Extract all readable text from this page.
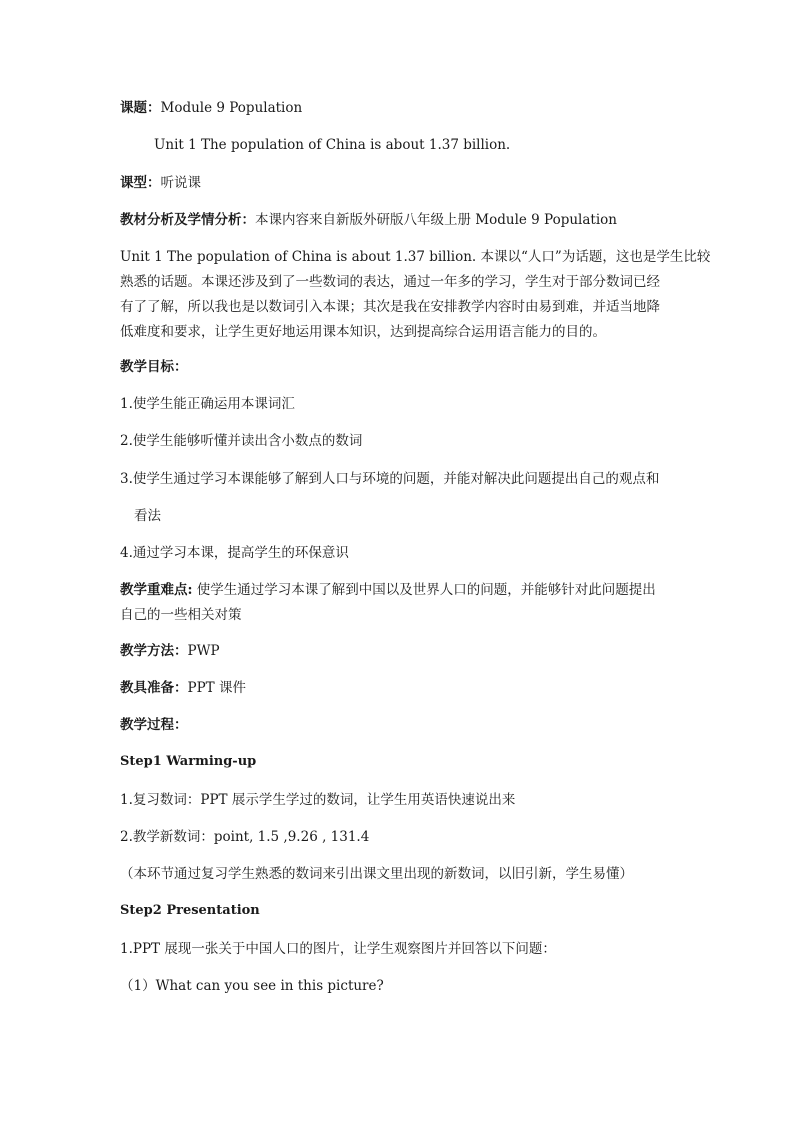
课题：Module 9 Population
Unit 1 The population of China is about 1.37 billion.
课型：听说课
教材分析及学情分析：本课内容来自新版外研版八年级上册 Module 9 Population
Unit 1 The population of China is about 1.37 billion. 本课以“人口”为话题，这也是学生比较
熟悉的话题。本课还涉及到了一些数词的表达，通过一年多的学习，学生对于部分数词已经
有了了解，所以我也是以数词引入本课；其次是我在安排教学内容时由易到难，并适当地降
低难度和要求，让学生更好地运用课本知识，达到提高综合运用语言能力的目的。
教学目标：
1.使学生能正确运用本课词汇
2.使学生能够听懂并读出含小数点的数词
3.使学生通过学习本课能够了解到人口与环境的问题，并能对解决此问题提出自己的观点和
看法
4.通过学习本课，提高学生的环保意识
教学重难点: 使学生通过学习本课了解到中国以及世界人口的问题，并能够针对此问题提出
自己的一些相关对策
教学方法：PWP
教具准备：PPT 课件
教学过程：
Step1 Warming-up
1.复习数词：PPT 展示学生学过的数词，让学生用英语快速说出来
2.教学新数词：point, 1.5 ,9.26 , 131.4
（本环节通过复习学生熟悉的数词来引出课文里出现的新数词，以旧引新，学生易懂）
Step2 Presentation
1.PPT 展现一张关于中国人口的图片，让学生观察图片并回答以下问题：
（1）What can you see in this picture?
